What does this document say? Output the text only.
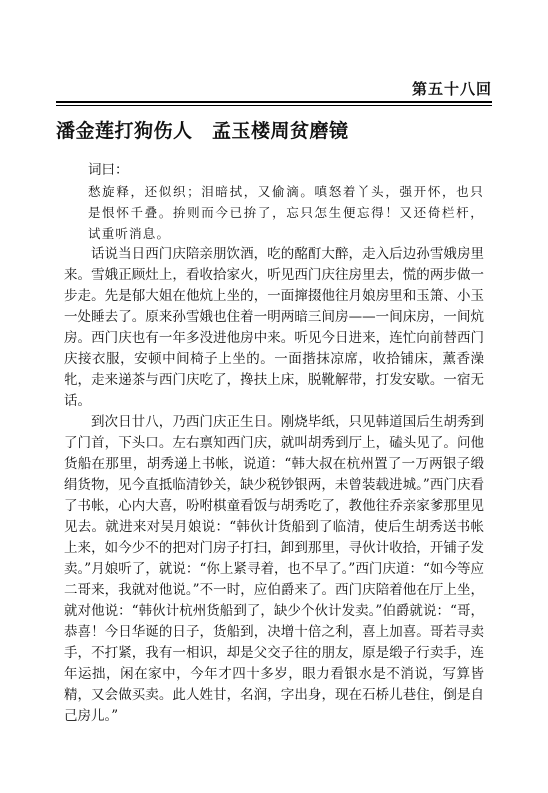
第五十八回
潘金莲打狗伤人　孟玉楼周贫磨镜

词曰：

愁旋释，还似织；泪暗拭，又偷滴。嗔怒着丫头，强开怀，也只是恨怀千叠。拚则而今已拚了，忘只怎生便忘得！又还倚栏杆，试重听消息。

话说当日西门庆陪亲朋饮酒，吃的酩酊大醉，走入后边孙雪娥房里来。雪娥正顾灶上，看收拾家火，听见西门庆往房里去，慌的两步做一步走。先是郁大姐在他炕上坐的，一面撺掇他往月娘房里和玉箫、小玉一处睡去了。原来孙雪娥也住着一明两暗三间房——一间床房，一间炕房。西门庆也有一年多没进他房中来。听见今日进来，连忙向前替西门庆接衣服，安顿中间椅子上坐的。一面揩抹凉席，收拾铺床，薰香澡牝，走来递茶与西门庆吃了，搀扶上床，脱靴解带，打发安歇。一宿无话。

到次日廿八，乃西门庆正生日。刚烧毕纸，只见韩道国后生胡秀到了门首，下头口。左右禀知西门庆，就叫胡秀到厅上，磕头见了。问他货船在那里，胡秀递上书帐，说道：“韩大叔在杭州置了一万两银子缎绢货物，见今直抵临清钞关，缺少税钞银两，未曾装载进城。”西门庆看了书帐，心内大喜，吩咐棋童看饭与胡秀吃了，教他往乔亲家爹那里见见去。就进来对吴月娘说：“韩伙计货船到了临清，使后生胡秀送书帐上来，如今少不的把对门房子打扫，卸到那里，寻伙计收拾，开铺子发卖。”月娘听了，就说：“你上紧寻着，也不早了。”西门庆道：“如今等应二哥来，我就对他说。”不一时，应伯爵来了。西门庆陪着他在厅上坐，就对他说：“韩伙计杭州货船到了，缺少个伙计发卖。”伯爵就说：“哥，恭喜！今日华诞的日子，货船到，决增十倍之利，喜上加喜。哥若寻卖手，不打紧，我有一相识，却是父交子往的朋友，原是缎子行卖手，连年运拙，闲在家中，今年才四十多岁，眼力看银水是不消说，写算皆精，又会做买卖。此人姓甘，名润，字出身，现在石桥儿巷住，倒是自己房儿。”
